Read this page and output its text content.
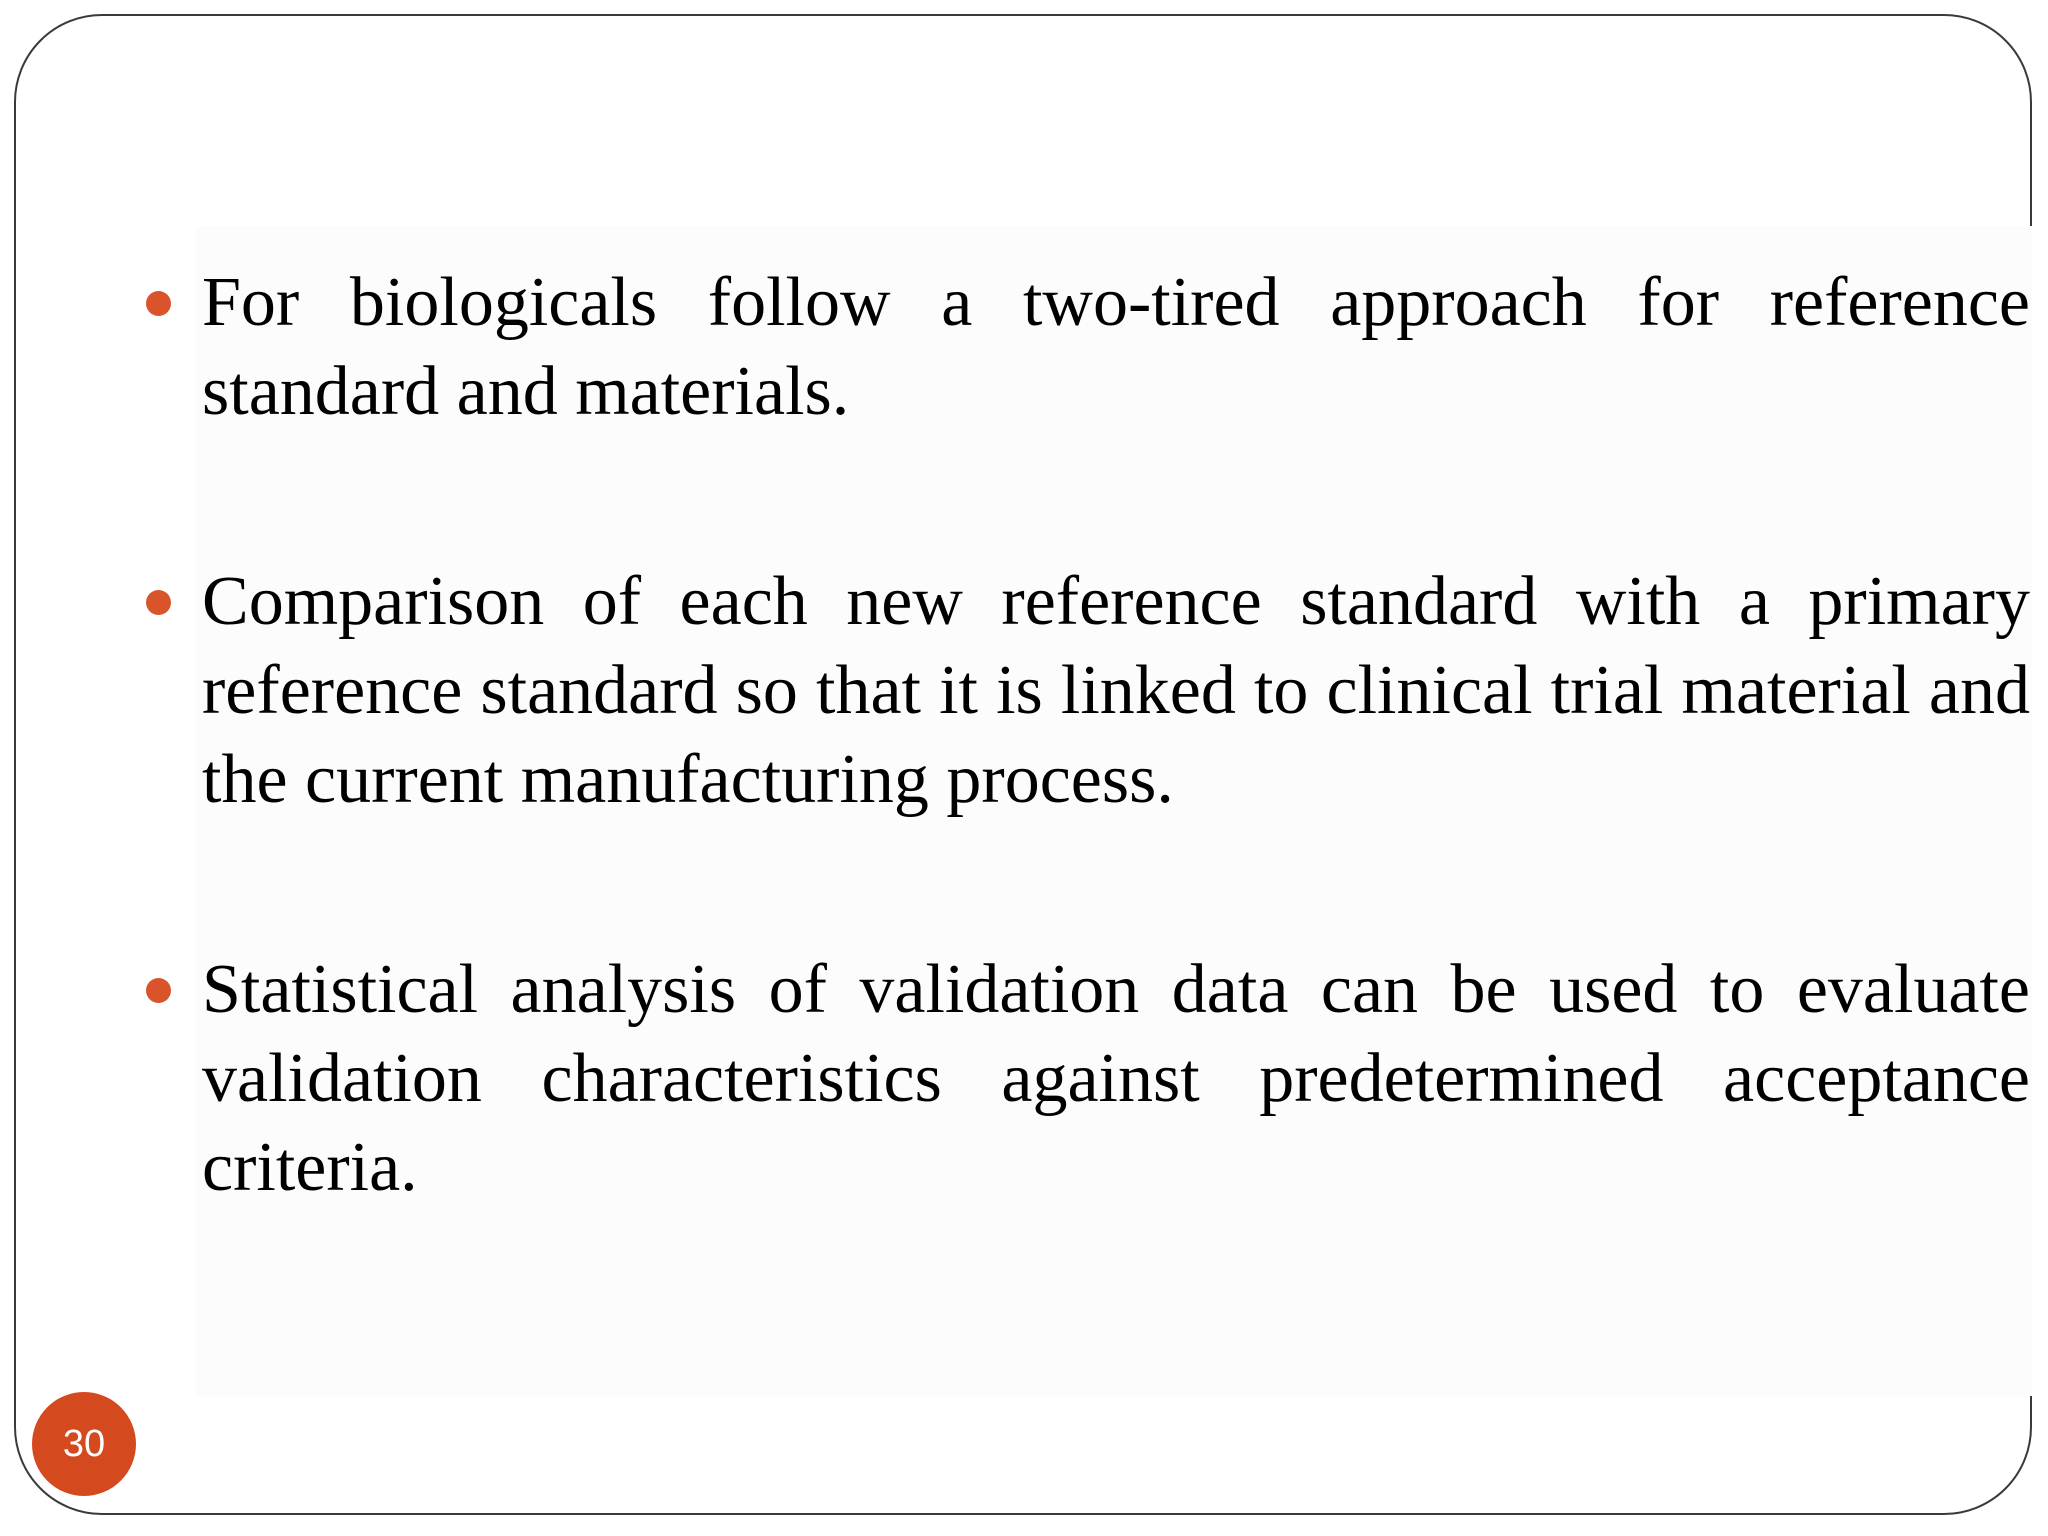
For biologicals follow a two-tired approach for reference standard and materials.
Comparison of each new reference standard with a primary reference standard so that it is linked to clinical trial material and the current manufacturing process.
Statistical analysis of validation data can be used to evaluate validation characteristics against predetermined acceptance criteria.
30
